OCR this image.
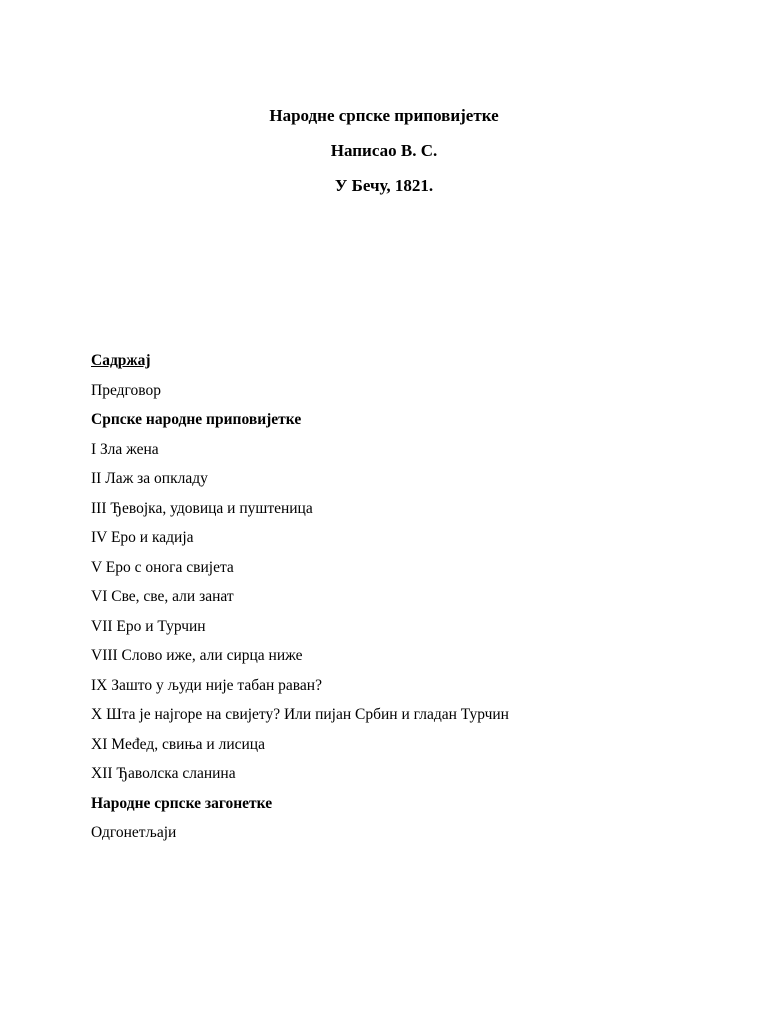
Народне српске приповијетке
Написао В. С.
У Бечу, 1821.
Садржај
Предговор
Српске народне приповијетке
I Зла жена
II Лаж за опкладу
III Ђевојка, удовица и пуштеница
IV Еро и кадија
V Еро с онога свијета
VI Све, све, али занат
VII Еро и Турчин
VIII Слово иже, али сирца ниже
IX Зашто у људи није табан раван?
X Шта је најгоре на свијету? Или пијан Србин и гладан Турчин
XI Međед, свиња и лисица
XII Ђаволска сланина
Народне српске загонетке
Одгонетљаји
